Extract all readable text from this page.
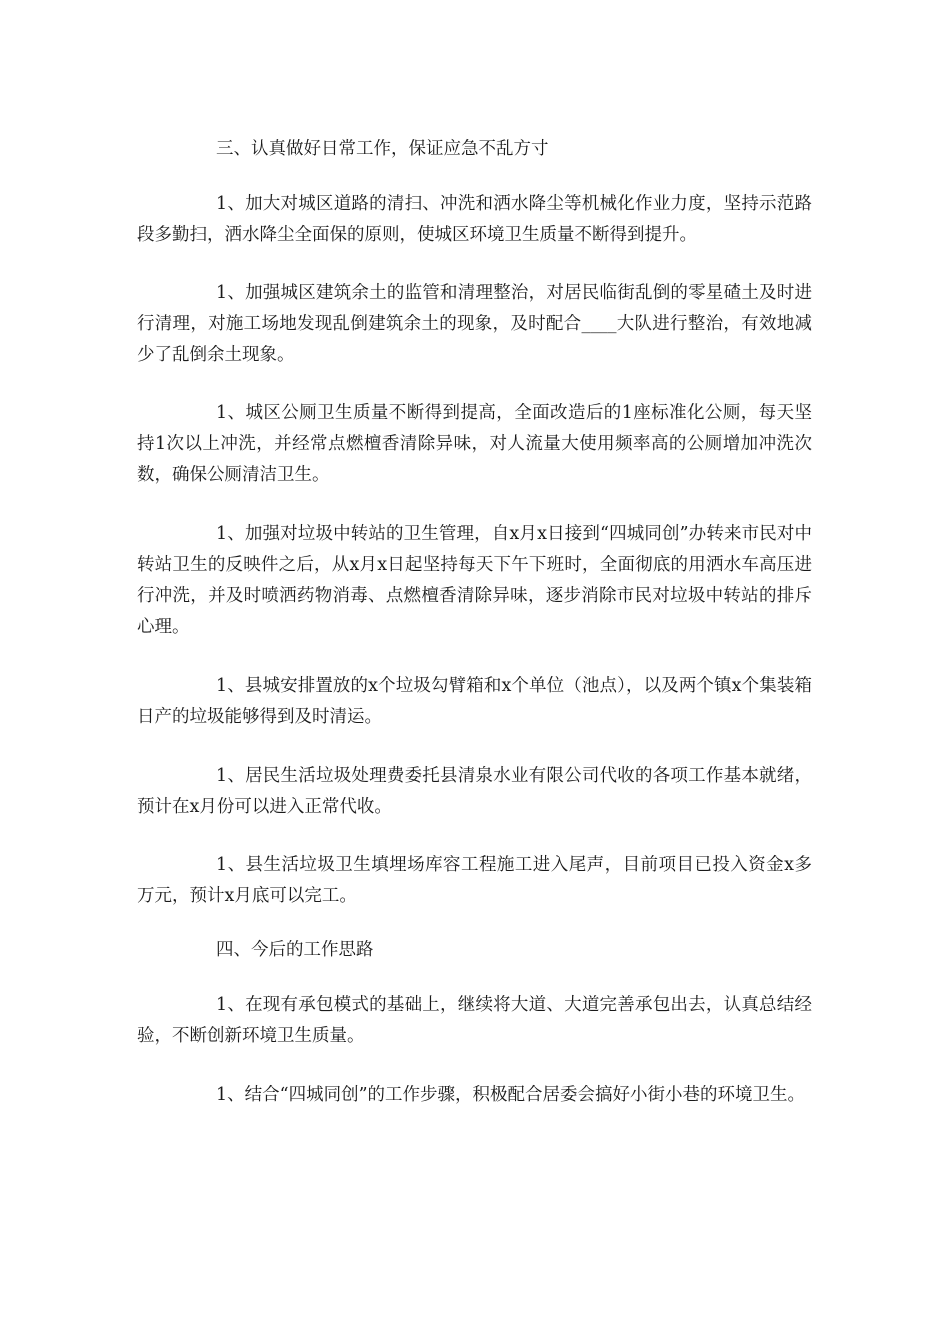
三、认真做好日常工作，保证应急不乱方寸

1、加大对城区道路的清扫、冲洗和洒水降尘等机械化作业力度，坚持示范路段多勤扫，洒水降尘全面保的原则，使城区环境卫生质量不断得到提升。

1、加强城区建筑余土的监管和清理整治，对居民临街乱倒的零星碴土及时进行清理，对施工场地发现乱倒建筑余土的现象，及时配合____大队进行整治，有效地减少了乱倒余土现象。

1、城区公厕卫生质量不断得到提高，全面改造后的1座标准化公厕，每天坚持1次以上冲洗，并经常点燃檀香清除异味，对人流量大使用频率高的公厕增加冲洗次数，确保公厕清洁卫生。

1、加强对垃圾中转站的卫生管理，自x月x日接到“四城同创”办转来市民对中转站卫生的反映件之后，从x月x日起坚持每天下午下班时，全面彻底的用洒水车高压进行冲洗，并及时喷洒药物消毒、点燃檀香清除异味，逐步消除市民对垃圾中转站的排斥心理。

1、县城安排置放的x个垃圾勾臂箱和x个单位（池点），以及两个镇x个集装箱日产的垃圾能够得到及时清运。

1、居民生活垃圾处理费委托县清泉水业有限公司代收的各项工作基本就绪，预计在x月份可以进入正常代收。

1、县生活垃圾卫生填埋场库容工程施工进入尾声，目前项目已投入资金x多万元，预计x月底可以完工。

四、今后的工作思路

1、在现有承包模式的基础上，继续将大道、大道完善承包出去，认真总结经验，不断创新环境卫生质量。

1、结合“四城同创”的工作步骤，积极配合居委会搞好小街小巷的环境卫生。
